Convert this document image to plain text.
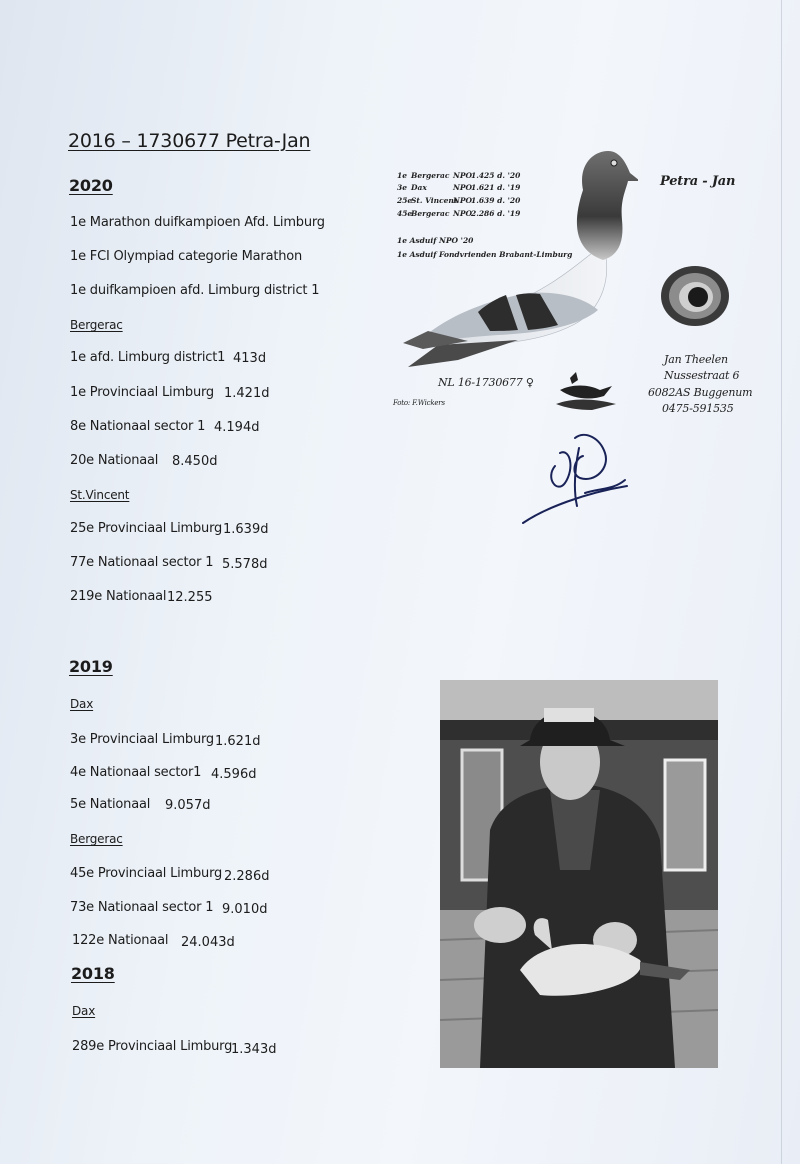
2016 – 1730677 Petra-Jan
2020
1e Marathon duifkampioen Afd. Limburg
1e FCI Olympiad categorie Marathon
1e duifkampioen afd. Limburg district 1
Bergerac
1e afd. Limburg district1 413d
1e Provinciaal Limburg 1.421d
8e Nationaal sector 1 4.194d
20e Nationaal 8.450d
St.Vincent
25e Provinciaal Limburg 1.639d
77e Nationaal sector 1 5.578d
219e Nationaal 12.255
2019
Dax
3e Provinciaal Limburg 1.621d
4e Nationaal sector1 4.596d
5e Nationaal 9.057d
Bergerac
45e Provinciaal Limburg 2.286d
73e Nationaal sector 1 9.010d
122e Nationaal 24.043d
2018
Dax
289e Provinciaal Limburg
1.343d
1e Bergerac NPO
1.425 d. '20
3e Dax	NPO
1.621 d. '19
25e
St. Vincent
NPO
1.639 d. '20
45e
Bergerac NPO
2.286 d. '19
1e Asduif NPO '20
1e Asduif Fondvrienden Brabant-Limburg
Petra - Jan
NL 16-1730677 ♀
Foto: F.Wickers
Jan Theelen
Nussestraat 6
6082AS Buggenum
0475-591535
